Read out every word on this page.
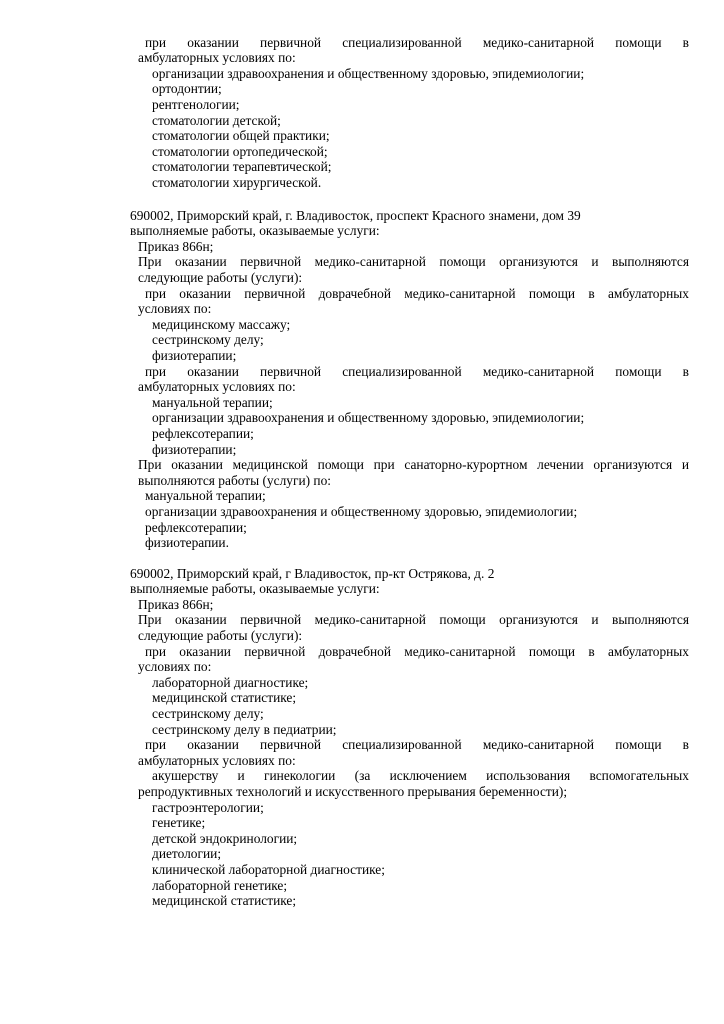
при оказании первичной специализированной медико-санитарной помощи в
амбулаторных условиях по:
организации здравоохранения и общественному здоровью, эпидемиологии;
ортодонтии;
рентгенологии;
стоматологии детской;
стоматологии общей практики;
стоматологии ортопедической;
стоматологии терапевтической;
стоматологии хирургической.
690002, Приморский край, г. Владивосток, проспект Красного знамени, дом 39
выполняемые работы, оказываемые услуги:
Приказ 866н;
При оказании первичной медико-санитарной помощи организуются и выполняются
следующие работы (услуги):
при оказании первичной доврачебной медико-санитарной помощи в амбулаторных
условиях по:
медицинскому массажу;
сестринскому делу;
физиотерапии;
при оказании первичной специализированной медико-санитарной помощи в
амбулаторных условиях по:
мануальной терапии;
организации здравоохранения и общественному здоровью, эпидемиологии;
рефлексотерапии;
физиотерапии;
При оказании медицинской помощи при санаторно-курортном лечении организуются и
выполняются работы (услуги) по:
мануальной терапии;
организации здравоохранения и общественному здоровью, эпидемиологии;
рефлексотерапии;
физиотерапии.
690002, Приморский край, г Владивосток, пр-кт Острякова, д. 2
выполняемые работы, оказываемые услуги:
Приказ 866н;
При оказании первичной медико-санитарной помощи организуются и выполняются
следующие работы (услуги):
при оказании первичной доврачебной медико-санитарной помощи в амбулаторных
условиях по:
лабораторной диагностике;
медицинской статистике;
сестринскому делу;
сестринскому делу в педиатрии;
при оказании первичной специализированной медико-санитарной помощи в
амбулаторных условиях по:
акушерству и гинекологии (за исключением использования вспомогательных
репродуктивных технологий и искусственного прерывания беременности);
гастроэнтерологии;
генетике;
детской эндокринологии;
диетологии;
клинической лабораторной диагностике;
лабораторной генетике;
медицинской статистике;
